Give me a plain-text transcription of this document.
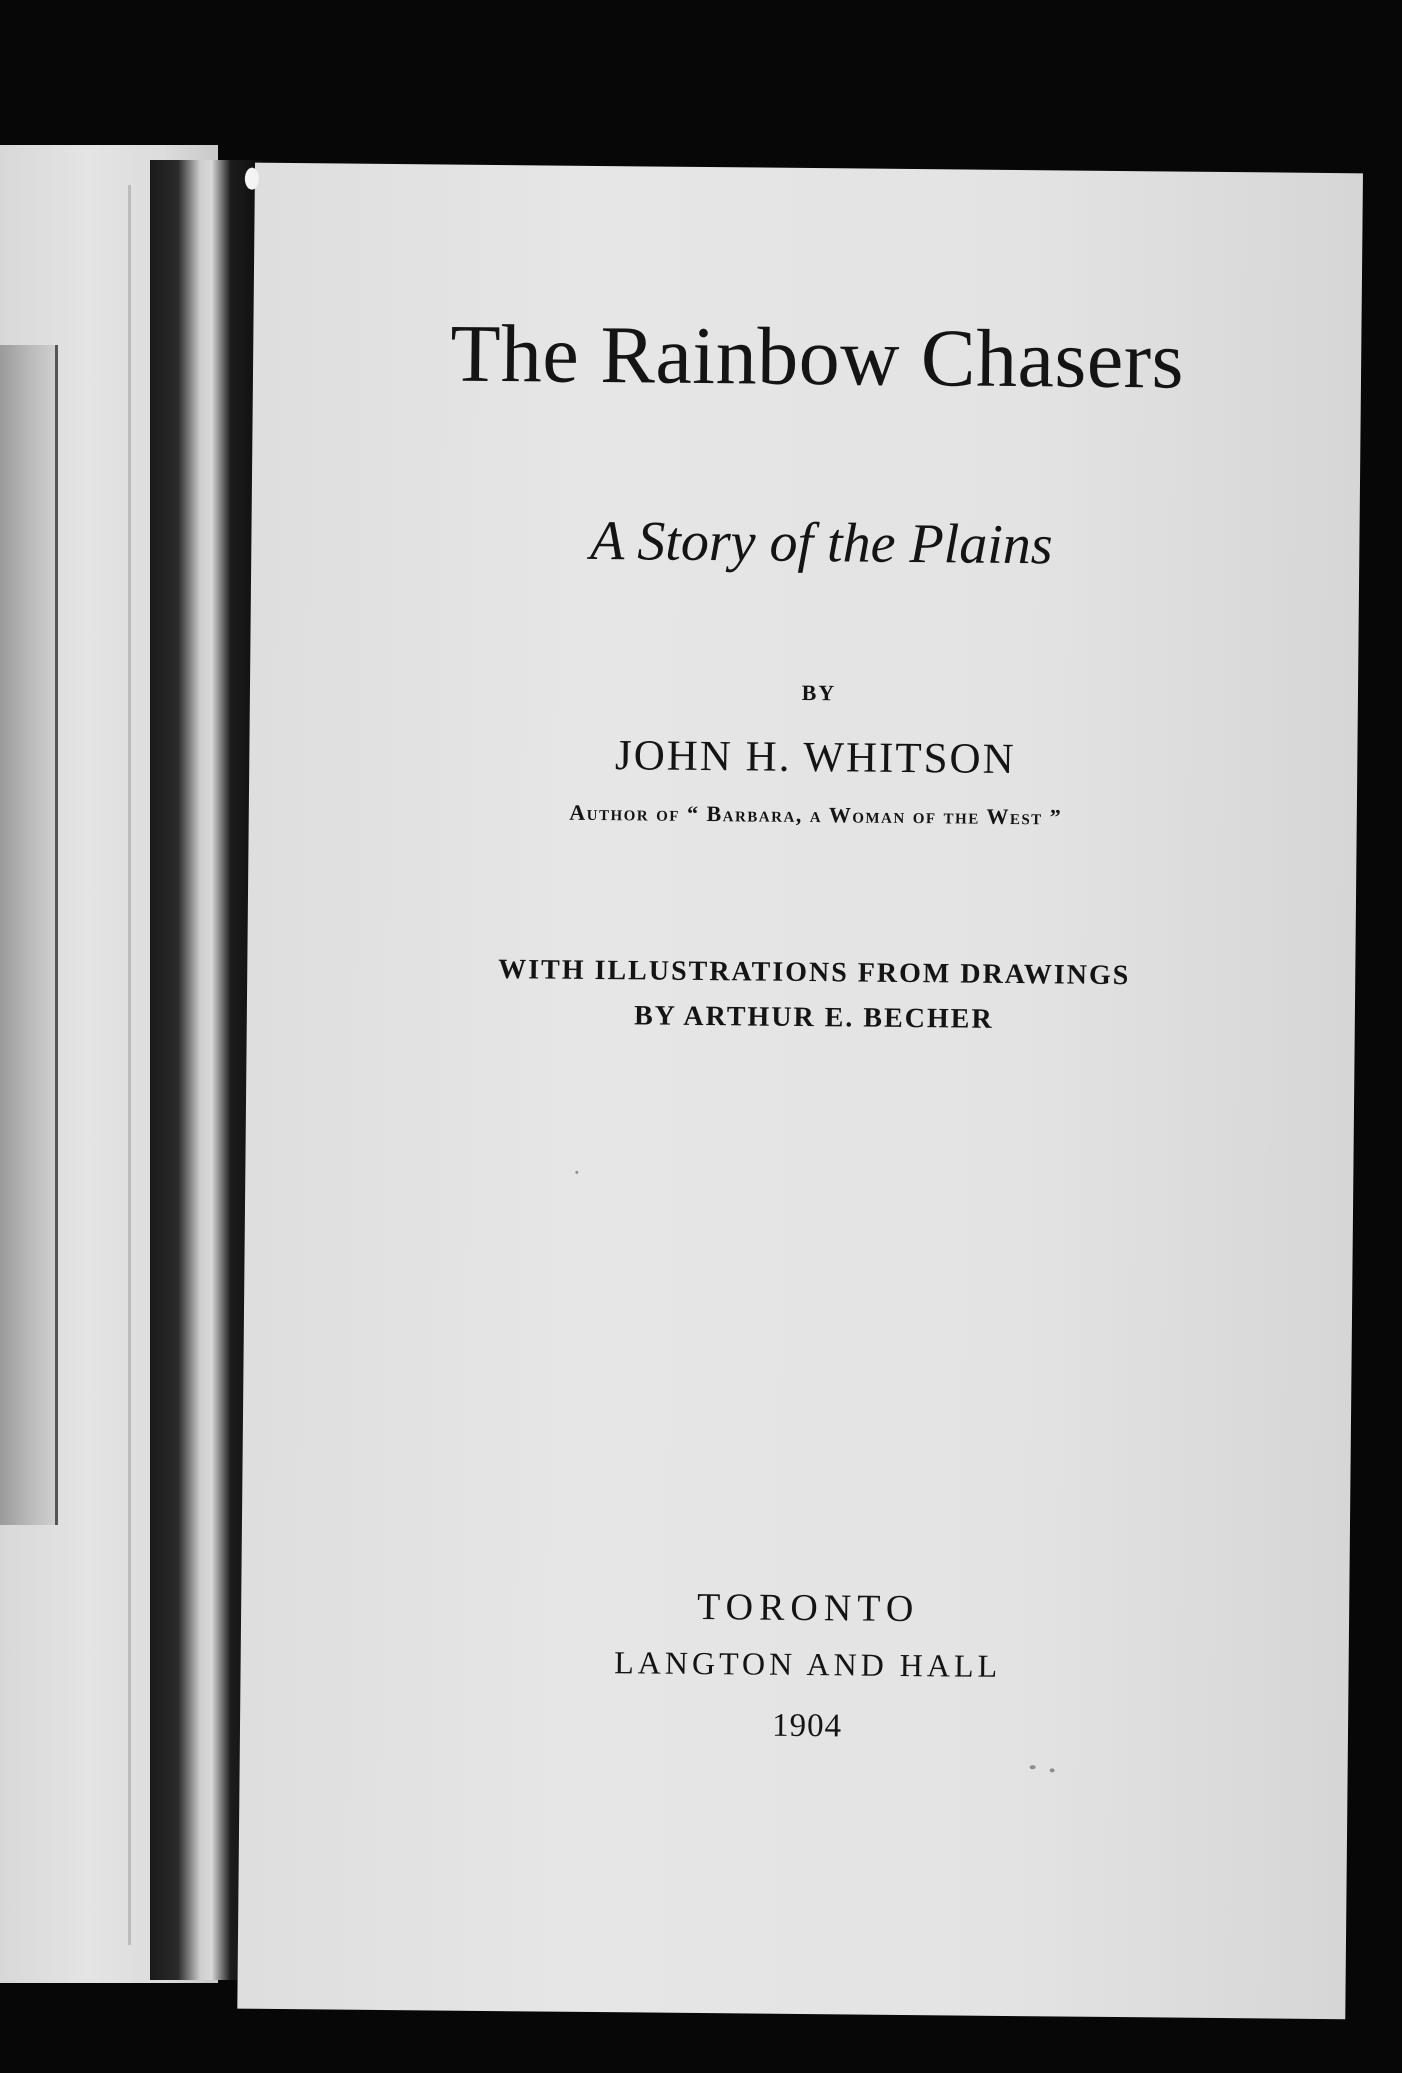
The Rainbow Chasers
A Story of the Plains
BY
JOHN H. WHITSON
Author of “ Barbara, a Woman of the West ”
WITH ILLUSTRATIONS FROM DRAWINGS
BY ARTHUR E. BECHER
TORONTO
LANGTON AND HALL
1904
